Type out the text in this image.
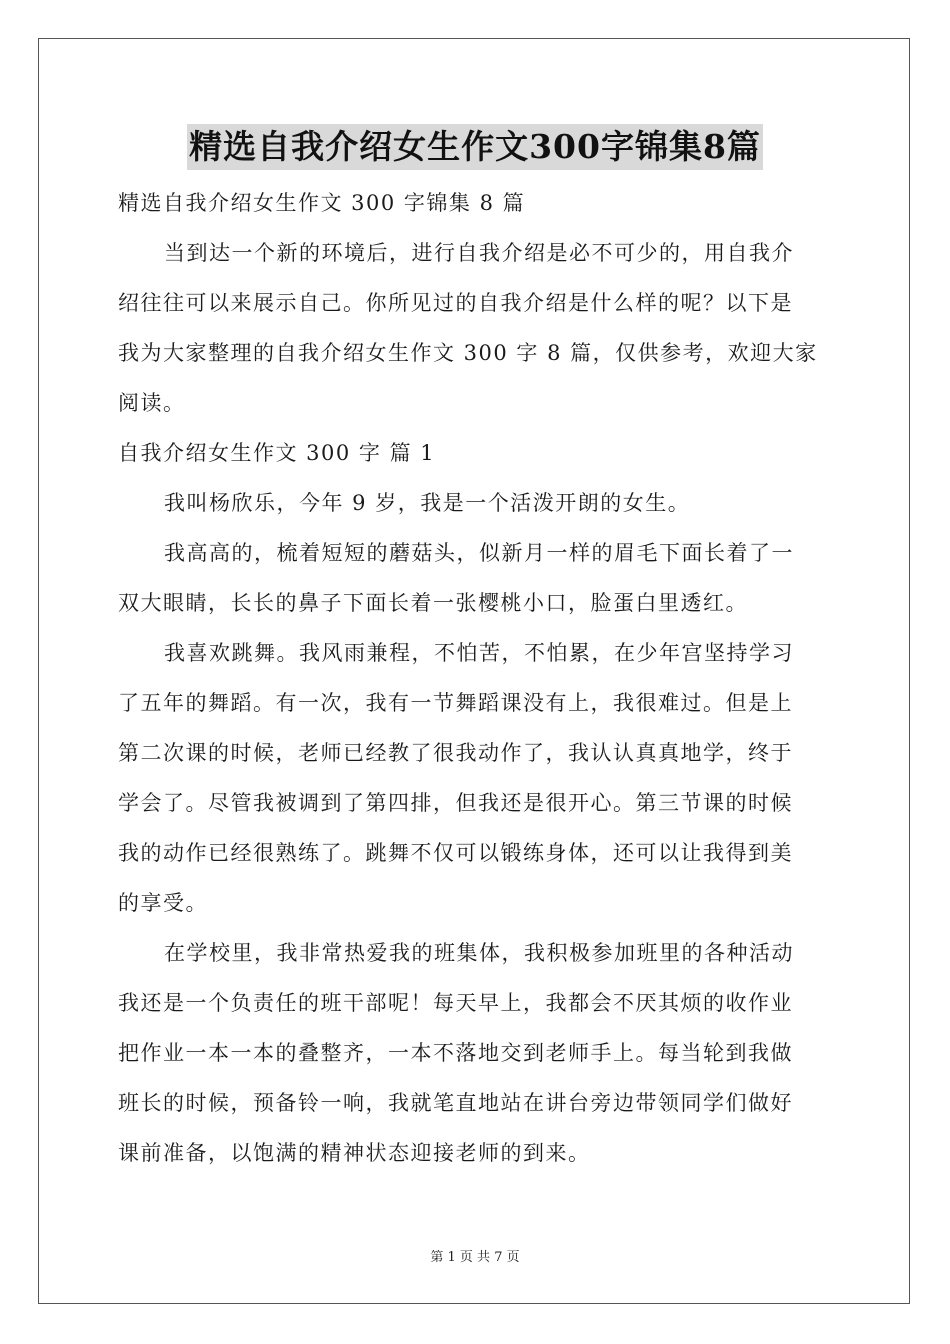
精选自我介绍女生作文300字锦集8篇
精选自我介绍女生作文 300 字锦集 8 篇
当到达一个新的环境后，进行自我介绍是必不可少的，用自我介
绍往往可以来展示自己。你所见过的自我介绍是什么样的呢？以下是
我为大家整理的自我介绍女生作文 300 字 8 篇，仅供参考，欢迎大家
阅读。
自我介绍女生作文 300 字 篇 1
我叫杨欣乐，今年 9 岁，我是一个活泼开朗的女生。
我高高的，梳着短短的蘑菇头，似新月一样的眉毛下面长着了一
双大眼睛，长长的鼻子下面长着一张樱桃小口，脸蛋白里透红。
我喜欢跳舞。我风雨兼程，不怕苦，不怕累，在少年宫坚持学习
了五年的舞蹈。有一次，我有一节舞蹈课没有上，我很难过。但是上
第二次课的时候，老师已经教了很我动作了，我认认真真地学，终于
学会了。尽管我被调到了第四排，但我还是很开心。第三节课的时候
我的动作已经很熟练了。跳舞不仅可以锻练身体，还可以让我得到美
的享受。
在学校里，我非常热爱我的班集体，我积极参加班里的各种活动
我还是一个负责任的班干部呢！每天早上，我都会不厌其烦的收作业
把作业一本一本的叠整齐，一本不落地交到老师手上。每当轮到我做
班长的时候，预备铃一响，我就笔直地站在讲台旁边带领同学们做好
课前准备，以饱满的精神状态迎接老师的到来。
第 1 页 共 7 页
